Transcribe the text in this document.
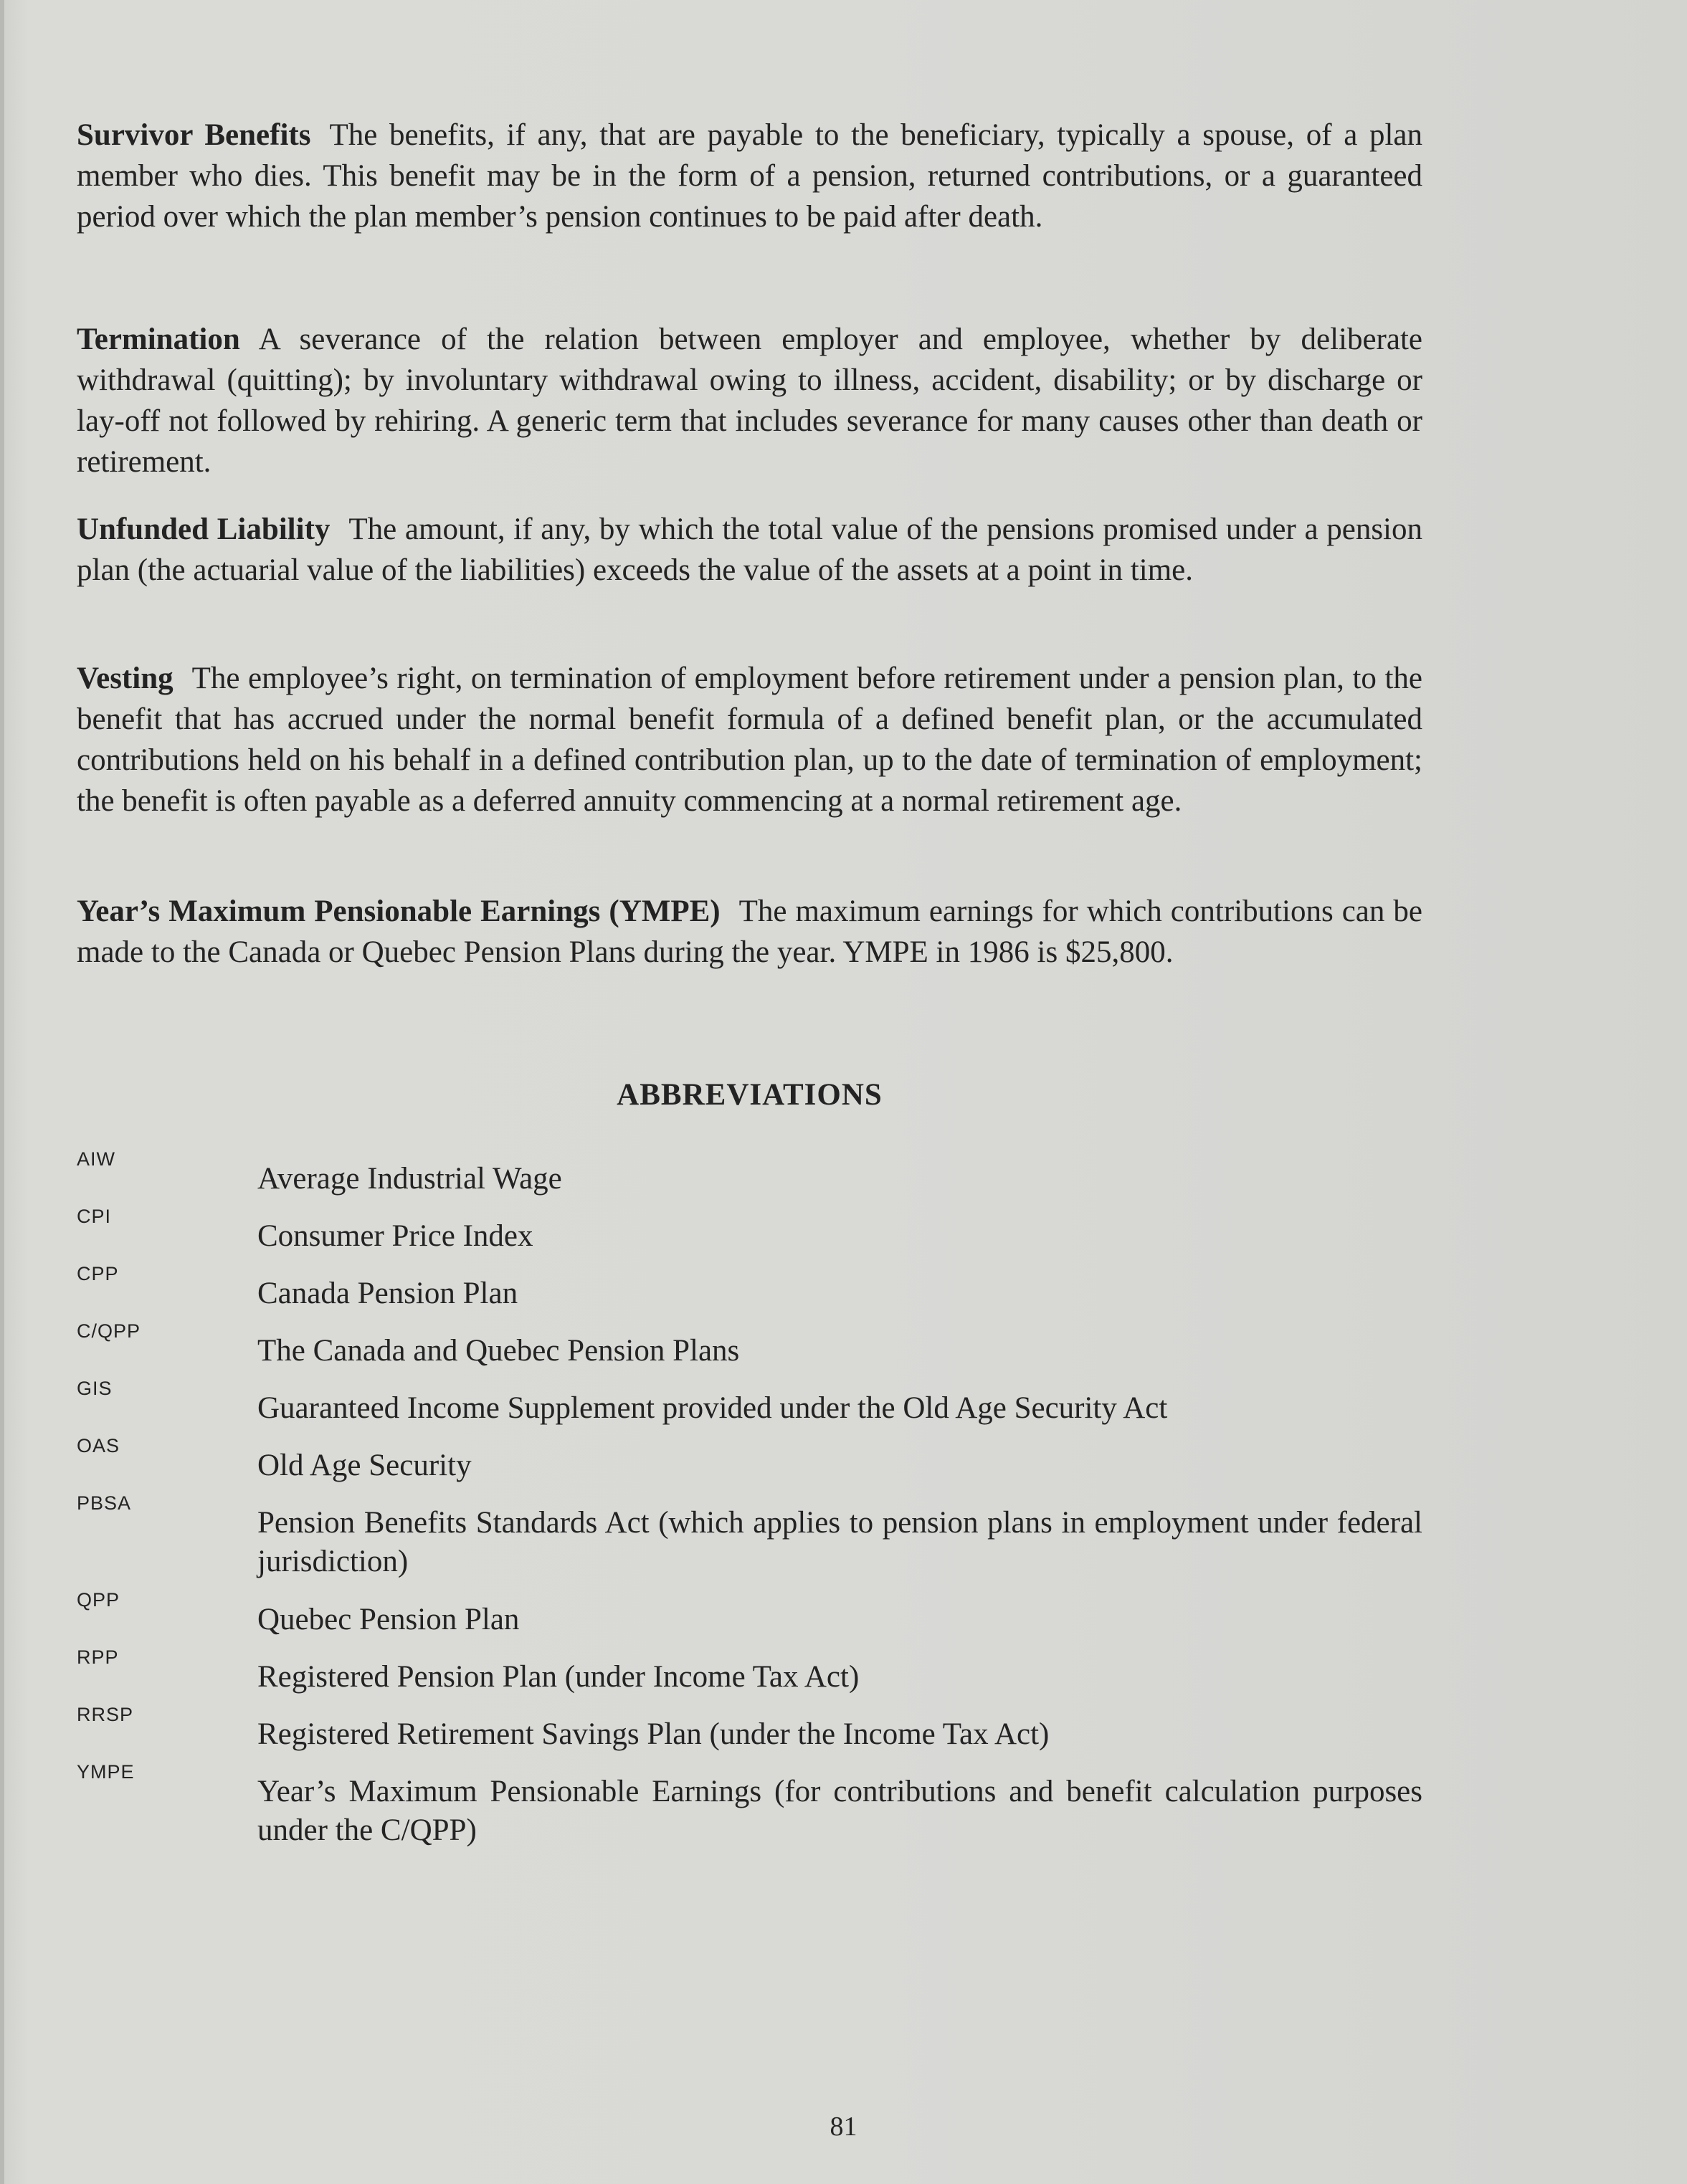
Survivor Benefits The benefits, if any, that are payable to the beneficiary, typically a spouse, of a plan member who dies. This benefit may be in the form of a pension, returned contributions, or a guaranteed period over which the plan member’s pension continues to be paid after death.

Termination A severance of the relation between employer and employee, whether by deliberate withdrawal (quitting); by involuntary withdrawal owing to illness, accident, disability; or by discharge or lay-off not followed by rehiring. A generic term that includes severance for many causes other than death or retirement.

Unfunded Liability The amount, if any, by which the total value of the pensions promised under a pension plan (the actuarial value of the liabilities) exceeds the value of the assets at a point in time.

Vesting The employee’s right, on termination of employment before retirement under a pension plan, to the benefit that has accrued under the normal benefit formula of a defined benefit plan, or the accumulated contributions held on his behalf in a defined contribution plan, up to the date of termination of employment; the benefit is often payable as a deferred annuity commencing at a normal retirement age.

Year’s Maximum Pensionable Earnings (YMPE) The maximum earnings for which contributions can be made to the Canada or Quebec Pension Plans during the year. YMPE in 1986 is $25,800.

ABBREVIATIONS
AIW
Average Industrial Wage
CPI
Consumer Price Index
CPP
Canada Pension Plan
C/QPP
The Canada and Quebec Pension Plans
GIS
Guaranteed Income Supplement provided under the Old Age Security Act
OAS
Old Age Security
PBSA
Pension Benefits Standards Act (which applies to pension plans in employment under federal jurisdiction)
QPP
Quebec Pension Plan
RPP
Registered Pension Plan (under Income Tax Act)
RRSP
Registered Retirement Savings Plan (under the Income Tax Act)
YMPE
Year’s Maximum Pensionable Earnings (for contributions and benefit calculation purposes under the C/QPP)
81
